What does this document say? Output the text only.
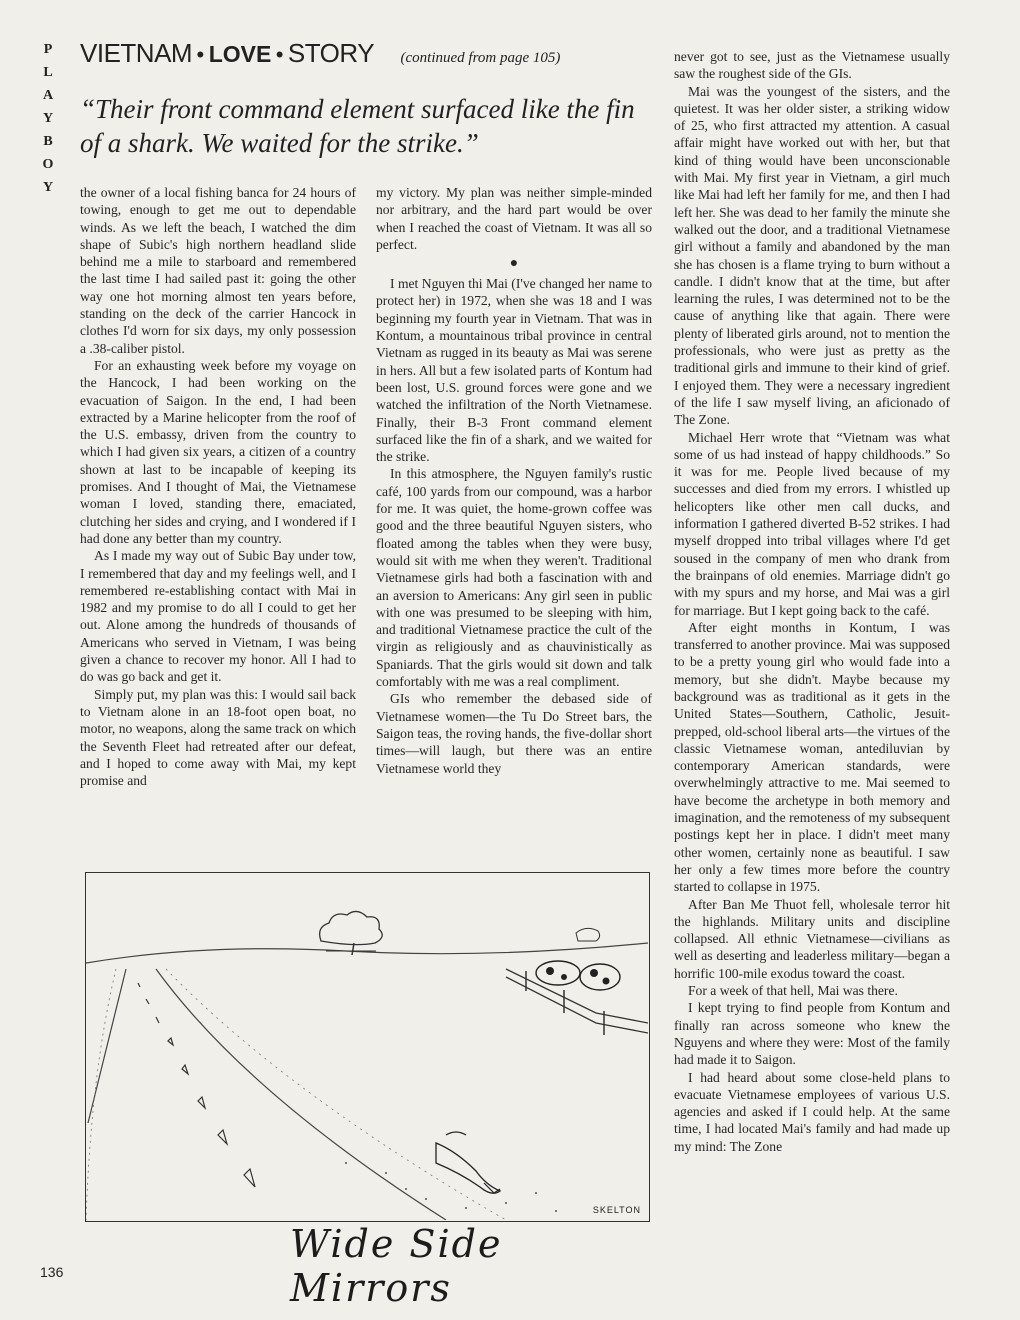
P
L
A
Y
B
O
Y
VIETNAM • LOVE • STORY (continued from page 105)
“Their front command element surfaced like the fin of a shark. We waited for the strike.”

the owner of a local fishing banca for 24 hours of towing, enough to get me out to dependable winds. As we left the beach, I watched the dim shape of Subic's high northern headland slide behind me a mile to starboard and remembered the last time I had sailed past it: going the other way one hot morning almost ten years before, standing on the deck of the carrier Hancock in clothes I'd worn for six days, my only possession a .38-caliber pistol.

For an exhausting week before my voyage on the Hancock, I had been working on the evacuation of Saigon. In the end, I had been extracted by a Marine helicopter from the roof of the U.S. embassy, driven from the country to which I had given six years, a citizen of a country shown at last to be incapable of keeping its promises. And I thought of Mai, the Vietnamese woman I loved, standing there, emaciated, clutching her sides and crying, and I wondered if I had done any better than my country.

As I made my way out of Subic Bay under tow, I remembered that day and my feelings well, and I remembered re-establishing contact with Mai in 1982 and my promise to do all I could to get her out. Alone among the hundreds of thousands of Americans who served in Vietnam, I was being given a chance to recover my honor. All I had to do was go back and get it.

Simply put, my plan was this: I would sail back to Vietnam alone in an 18-foot open boat, no motor, no weapons, along the same track on which the Seventh Fleet had retreated after our defeat, and I hoped to come away with Mai, my kept promise and

my victory. My plan was neither simple-minded nor arbitrary, and the hard part would be over when I reached the coast of Vietnam. It was all so perfect.

●

I met Nguyen thi Mai (I've changed her name to protect her) in 1972, when she was 18 and I was beginning my fourth year in Vietnam. That was in Kontum, a mountainous tribal province in central Vietnam as rugged in its beauty as Mai was serene in hers. All but a few isolated parts of Kontum had been lost, U.S. ground forces were gone and we watched the infiltration of the North Vietnamese. Finally, their B-3 Front command element surfaced like the fin of a shark, and we waited for the strike.

In this atmosphere, the Nguyen family's rustic café, 100 yards from our compound, was a harbor for me. It was quiet, the home-grown coffee was good and the three beautiful Nguyen sisters, who floated among the tables when they were busy, would sit with me when they weren't. Traditional Vietnamese girls had both a fascination with and an aversion to Americans: Any girl seen in public with one was presumed to be sleeping with him, and traditional Vietnamese practice the cult of the virgin as religiously and as chauvinistically as Spaniards. That the girls would sit down and talk comfortably with me was a real compliment.

GIs who remember the debased side of Vietnamese women—the Tu Do Street bars, the Saigon teas, the roving hands, the five-dollar short times—will laugh, but there was an entire Vietnamese world they

never got to see, just as the Vietnamese usually saw the roughest side of the GIs.

Mai was the youngest of the sisters, and the quietest. It was her older sister, a striking widow of 25, who first attracted my attention. A casual affair might have worked out with her, but that kind of thing would have been unconscionable with Mai. My first year in Vietnam, a girl much like Mai had left her family for me, and then I had left her. She was dead to her family the minute she walked out the door, and a traditional Vietnamese girl without a family and abandoned by the man she has chosen is a flame trying to burn without a candle. I didn't know that at the time, but after learning the rules, I was determined not to be the cause of anything like that again. There were plenty of liberated girls around, not to mention the professionals, who were just as pretty as the traditional girls and immune to their kind of grief. I enjoyed them. They were a necessary ingredient of the life I saw myself living, an aficionado of The Zone.

Michael Herr wrote that “Vietnam was what some of us had instead of happy childhoods.” So it was for me. People lived because of my successes and died from my errors. I whistled up helicopters like other men call ducks, and information I gathered diverted B-52 strikes. I had myself dropped into tribal villages where I'd get soused in the company of men who drank from the brainpans of old enemies. Marriage didn't go with my spurs and my horse, and Mai was a girl for marriage. But I kept going back to the café.

After eight months in Kontum, I was transferred to another province. Mai was supposed to be a pretty young girl who would fade into a memory, but she didn't. Maybe because my background was as traditional as it gets in the United States—Southern, Catholic, Jesuit-prepped, old-school liberal arts—the virtues of the classic Vietnamese woman, antediluvian by contemporary American standards, were overwhelmingly attractive to me. Mai seemed to have become the archetype in both memory and imagination, and the remoteness of my subsequent postings kept her in place. I didn't meet many other women, certainly none as beautiful. I saw her only a few times more before the country started to collapse in 1975.

After Ban Me Thuot fell, wholesale terror hit the highlands. Military units and discipline collapsed. All ethnic Vietnamese—civilians as well as deserting and leaderless military—began a horrific 100-mile exodus toward the coast.

For a week of that hell, Mai was there.

I kept trying to find people from Kontum and finally ran across someone who knew the Nguyens and where they were: Most of the family had made it to Saigon.

I had heard about some close-held plans to evacuate Vietnamese employees of various U.S. agencies and asked if I could help. At the same time, I had located Mai's family and had made up my mind: The Zone

SKELTON
Wide Side Mirrors
136
